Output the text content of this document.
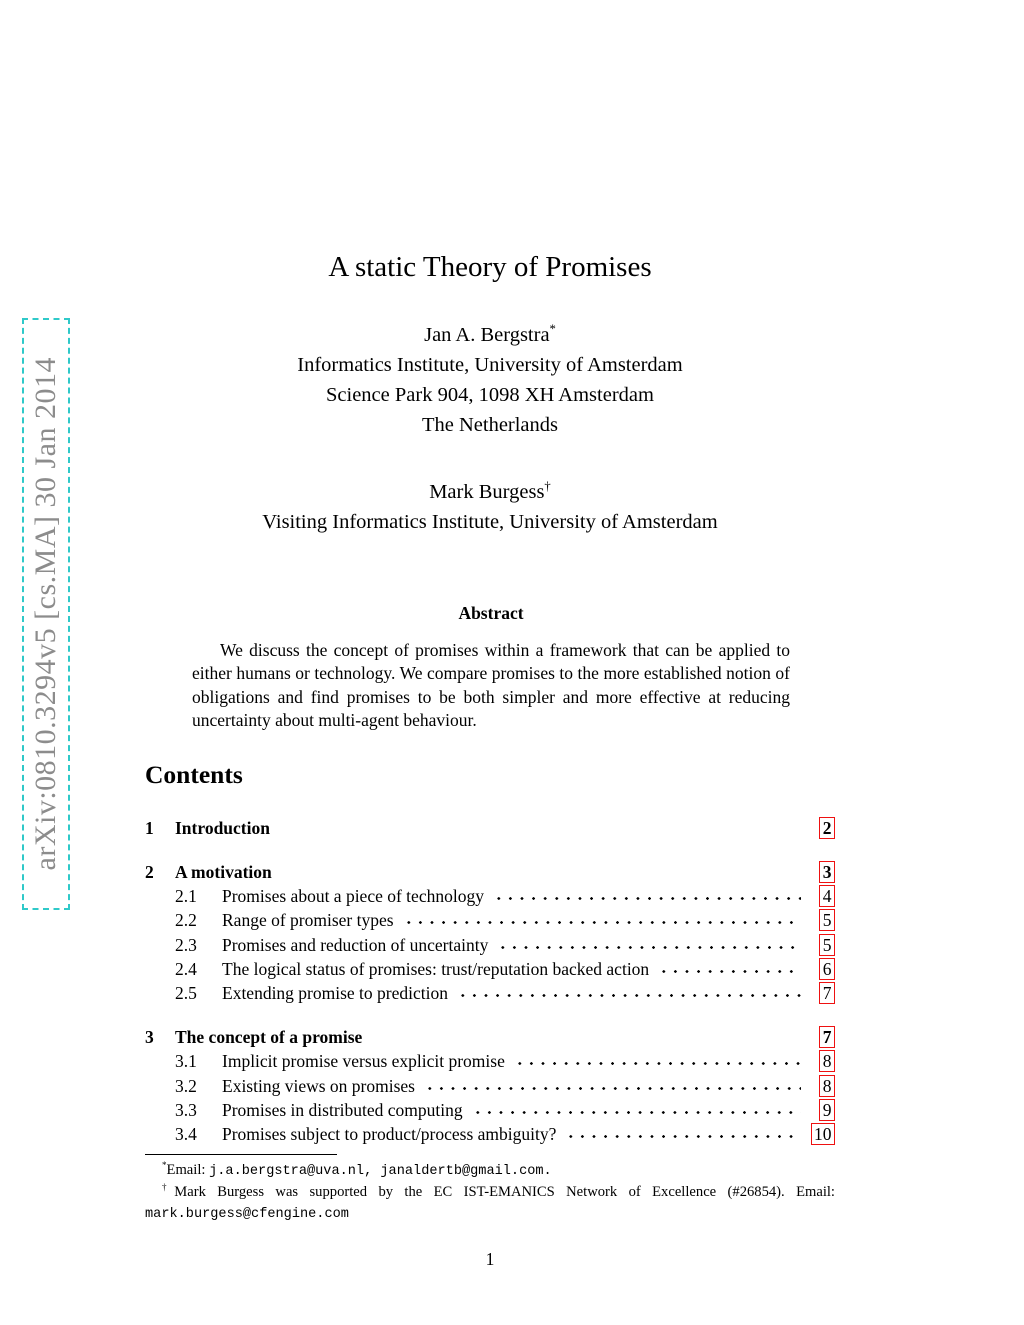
arXiv:0810.3294v5 [cs.MA] 30 Jan 2014
A static Theory of Promises
Jan A. Bergstra*
Informatics Institute, University of Amsterdam
Science Park 904, 1098 XH Amsterdam
The Netherlands
Mark Burgess†
Visiting Informatics Institute, University of Amsterdam
Abstract

We discuss the concept of promises within a framework that can be applied to either humans or technology. We compare promises to the more established notion of obligations and find promises to be both simpler and more effective at reducing uncertainty about multi-agent behaviour.

Contents
1	Introduction	2
2	A motivation	3
2.1	Promises about a piece of technology	4
2.2	Range of promiser types	5
2.3	Promises and reduction of uncertainty	5
2.4	The logical status of promises: trust/reputation backed action	6
2.5	Extending promise to prediction	7
3	The concept of a promise	7
3.1	Implicit promise versus explicit promise	8
3.2	Existing views on promises	8
3.3	Promises in distributed computing	9
3.4	Promises subject to product/process ambiguity?	10

*Email: j.a.bergstra@uva.nl, janaldertb@gmail.com.

†Mark Burgess was supported by the EC IST-EMANICS Network of Excellence (#26854). Email: mark.burgess@cfengine.com

1
